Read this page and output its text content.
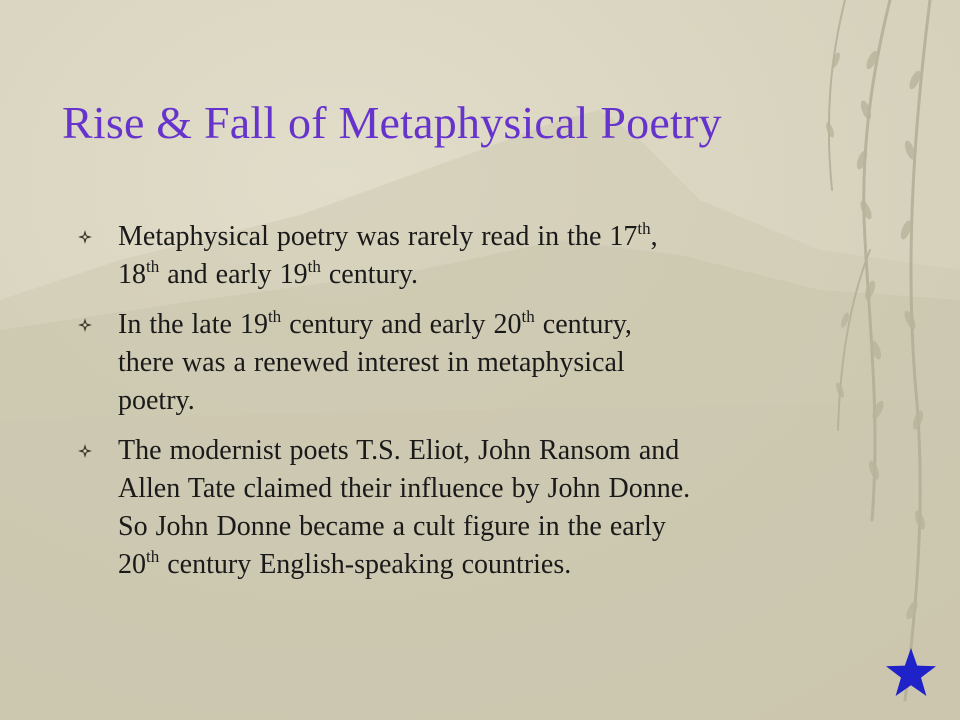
Rise & Fall of Metaphysical Poetry
Metaphysical poetry was rarely read in the 17th,
18th and early 19th century.
In the late 19th century and early 20th century,
there was a renewed interest in metaphysical
poetry.
The modernist poets T.S. Eliot, John Ransom and
Allen Tate claimed their influence by John Donne.
So John Donne became a cult figure in the early
20th century English-speaking countries.
